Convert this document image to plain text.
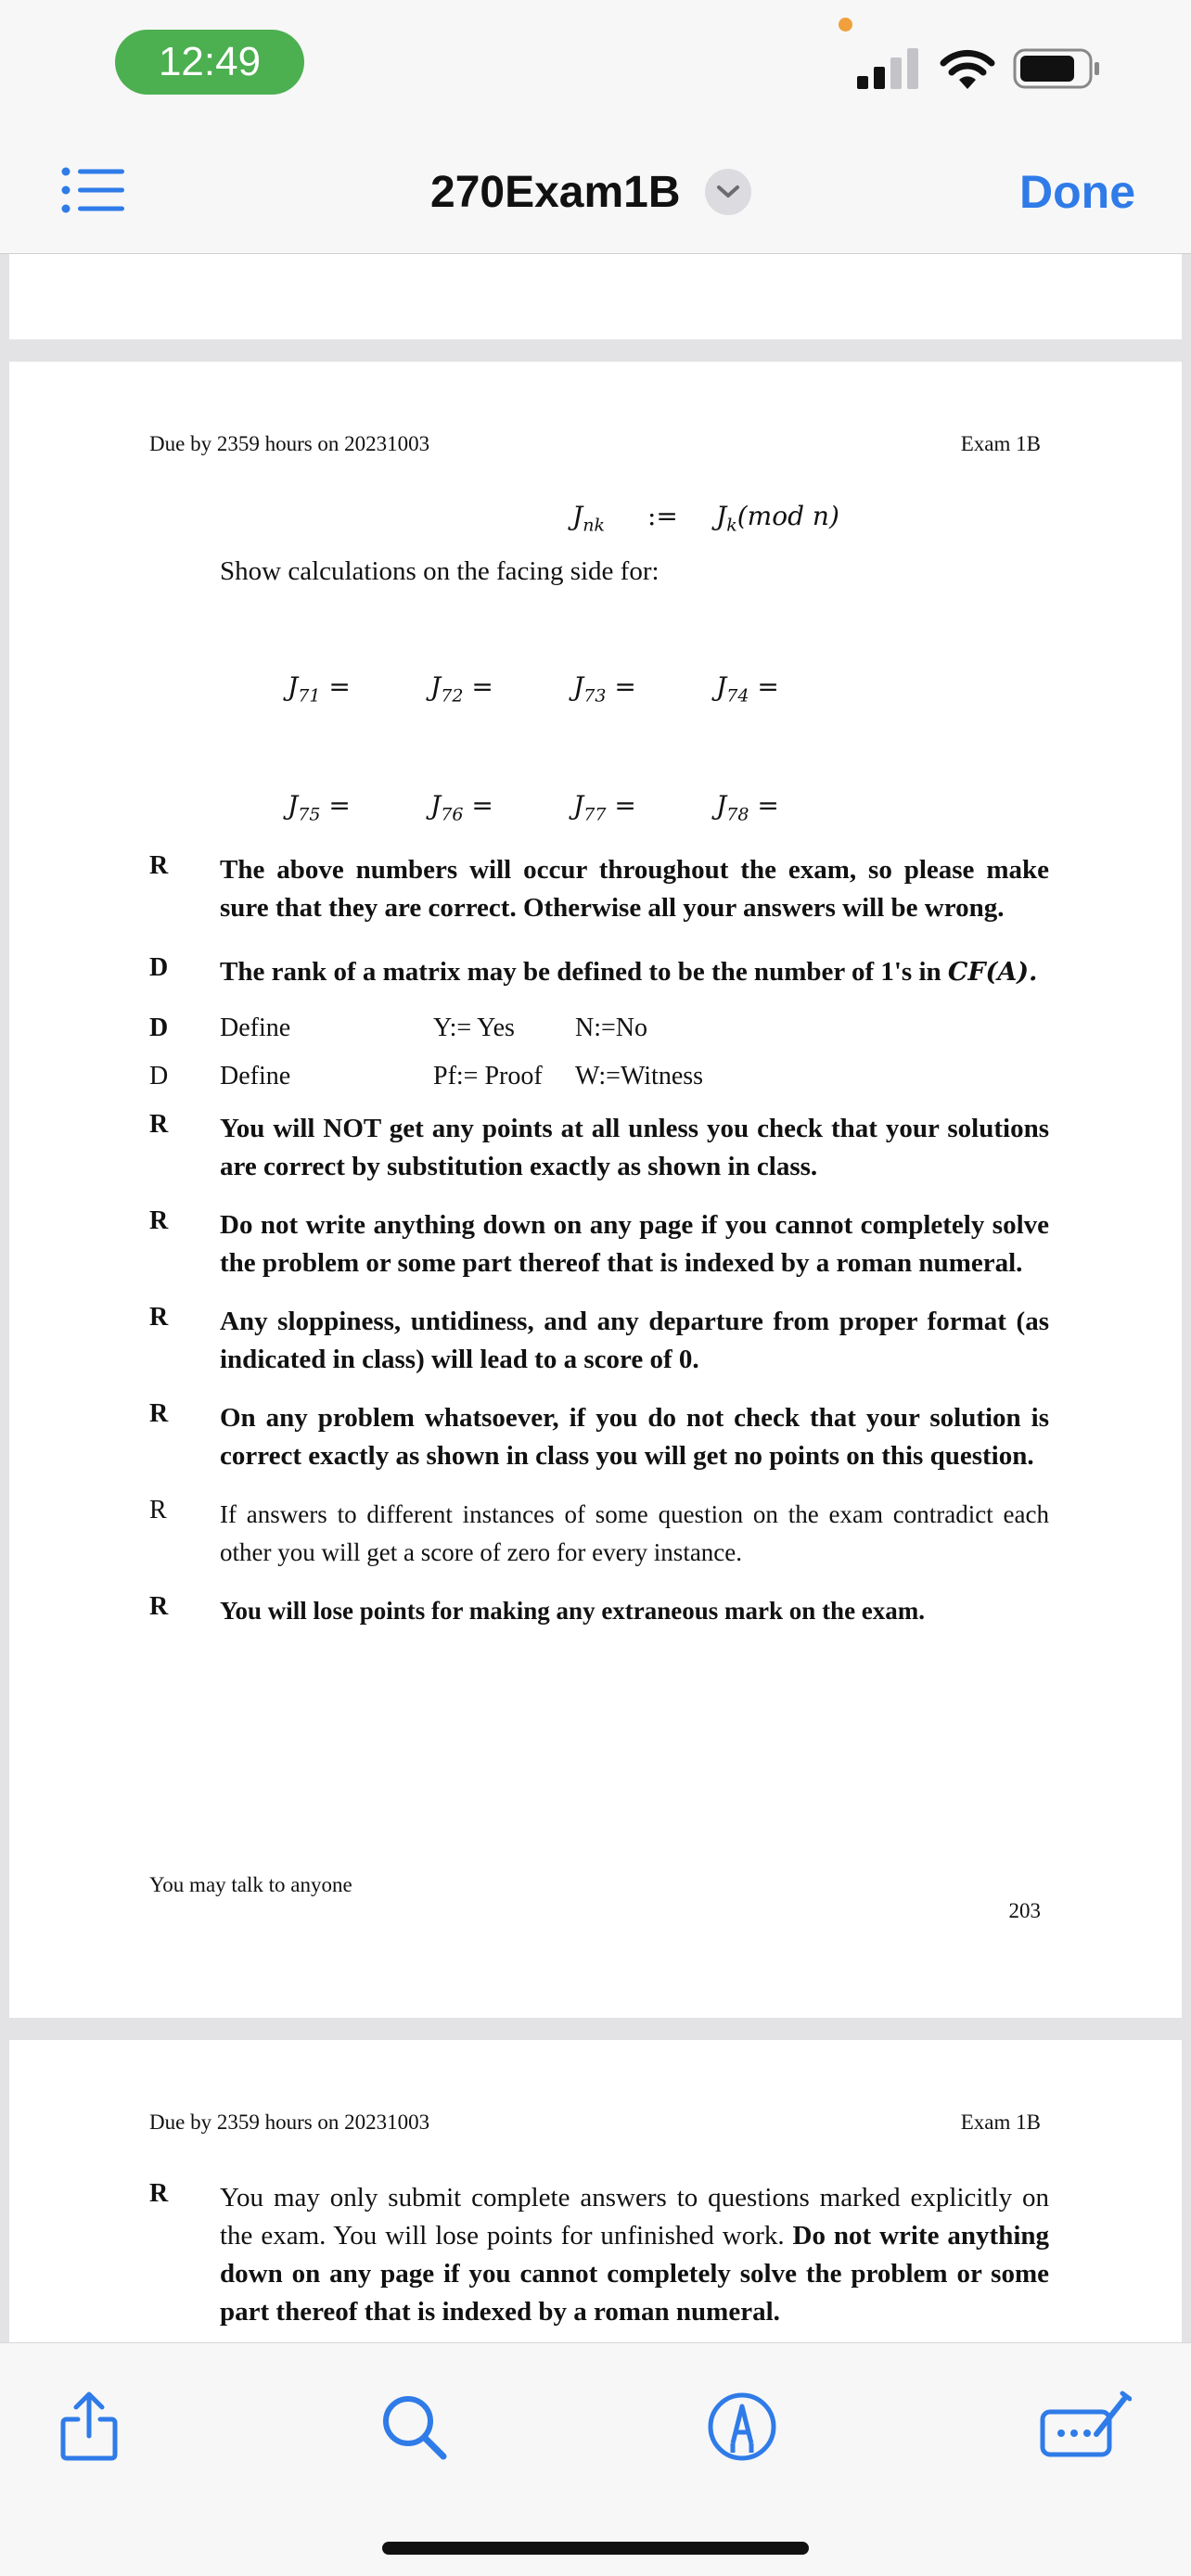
12:49
270Exam1B	Done
Due by 2359 hours on 20231003	Exam 1B
$J_{nk}$ := $J_k(mod$ n)
Show calculations on the facing side for:
$J_{71}$ =	$J_{72}$ =	$J_{73}$ =	$J_{74}$ =
$J_{75}$ =	$J_{76}$ =	$J_{77}$ =	$J_{78}$ =
R	The above numbers will occur throughout the exam, so please make sure that they are correct. Otherwise all your answers will be wrong.
D	The rank of a matrix may be defined to be the number of 1's in CF(A).
D	Define	Y:= Yes	N:=No
D	Define	Pf:= Proof	W:=Witness
R	You will NOT get any points at all unless you check that your solutions are correct by substitution exactly as shown in class.
R	Do not write anything down on any page if you cannot completely solve the problem or some part thereof that is indexed by a roman numeral.
R	Any sloppiness, untidiness, and any departure from proper format (as indicated in class) will lead to a score of 0.
R	On any problem whatsoever, if you do not check that your solution is correct exactly as shown in class you will get no points on this question.
R	If answers to different instances of some question on the exam contradict each other you will get a score of zero for every instance.
R	You will lose points for making any extraneous mark on the exam.
You may talk to anyone
203
Due by 2359 hours on 20231003	Exam 1B
R	You may only submit complete answers to questions marked explicitly on the exam. You will lose points for unfinished work. Do not write anything down on any page if you cannot completely solve the problem or some part thereof that is indexed by a roman numeral.
